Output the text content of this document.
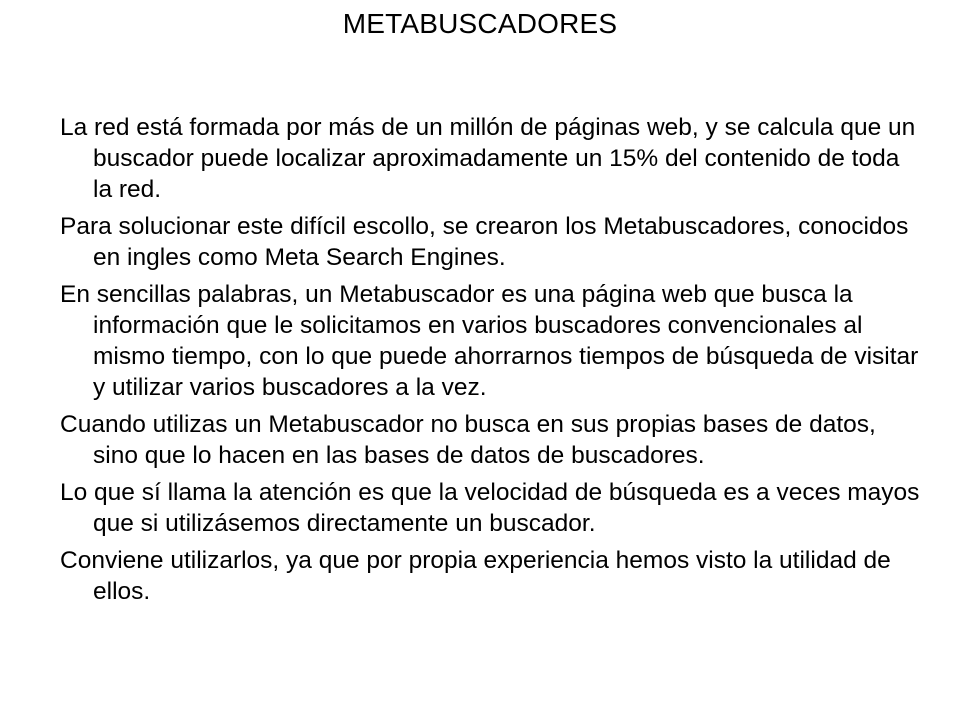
METABUSCADORES

La red está formada por más de un millón de páginas web, y se calcula que un buscador puede localizar aproximadamente un 15% del contenido de toda la red.

Para solucionar este difícil escollo, se crearon los Metabuscadores, conocidos en ingles como Meta Search Engines.

En sencillas palabras, un Metabuscador es una página web que busca la información que le solicitamos en varios buscadores convencionales al mismo tiempo, con lo que puede ahorrarnos tiempos de búsqueda de visitar y utilizar varios buscadores a la vez.

Cuando utilizas un Metabuscador no busca en sus propias bases de datos, sino que lo hacen en las bases de datos de buscadores.

Lo que sí llama la atención es que la velocidad de búsqueda es a veces mayos que si utilizásemos directamente un buscador.

Conviene utilizarlos, ya que por propia experiencia hemos visto la utilidad de ellos.
